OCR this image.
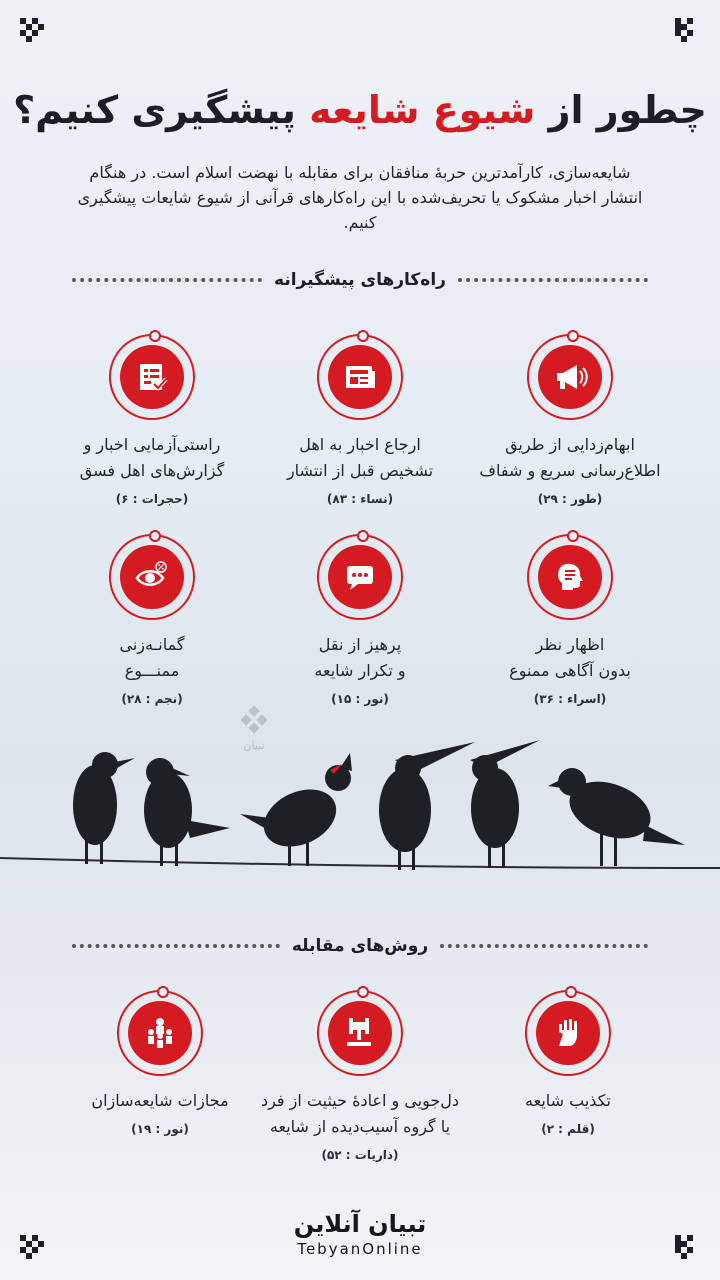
چطور از شیوع شایعه پیشگیری کنیم؟
شایعه‌سازی، کارآمدترین حربهٔ منافقان برای مقابله با نهضت اسلام است. در هنگام انتشار اخبار مشکوک یا تحریف‌شده با این راه‌کارهای قرآنی از شیوع شایعات پیشگیری کنیم.
راه‌کارهای پیشگیرانه
ابهام‌زدایی از طریق
اطلاع‌رسانی سریع و شفاف
(طور : ۲۹)
ارجاع اخبار به اهل
تشخیص قبل از انتشار
(نساء : ۸۳)
راستی‌آزمایی اخبار و
گزارش‌های اهل فسق
(حجرات : ۶)
اظهار نظر
بدون آگاهی ممنوع
(اسراء : ۳۶)
پرهیز از نقل
و تکرار شایعه
(نور : ۱۵)
گمانـه‌زنی
ممنـــوع
(نجم : ۲۸)
تبیان
روش‌های مقابله
تکذیب شایعه
(قلم : ۲)
دل‌جویی و اعادهٔ حیثیت از فرد
یا گروه آسیب‌دیده از شایعه
(ذاریات : ۵۲)
مجازات شایعه‌سازان
(نور : ۱۹)
تبیان آنلاین
TebyanOnline
